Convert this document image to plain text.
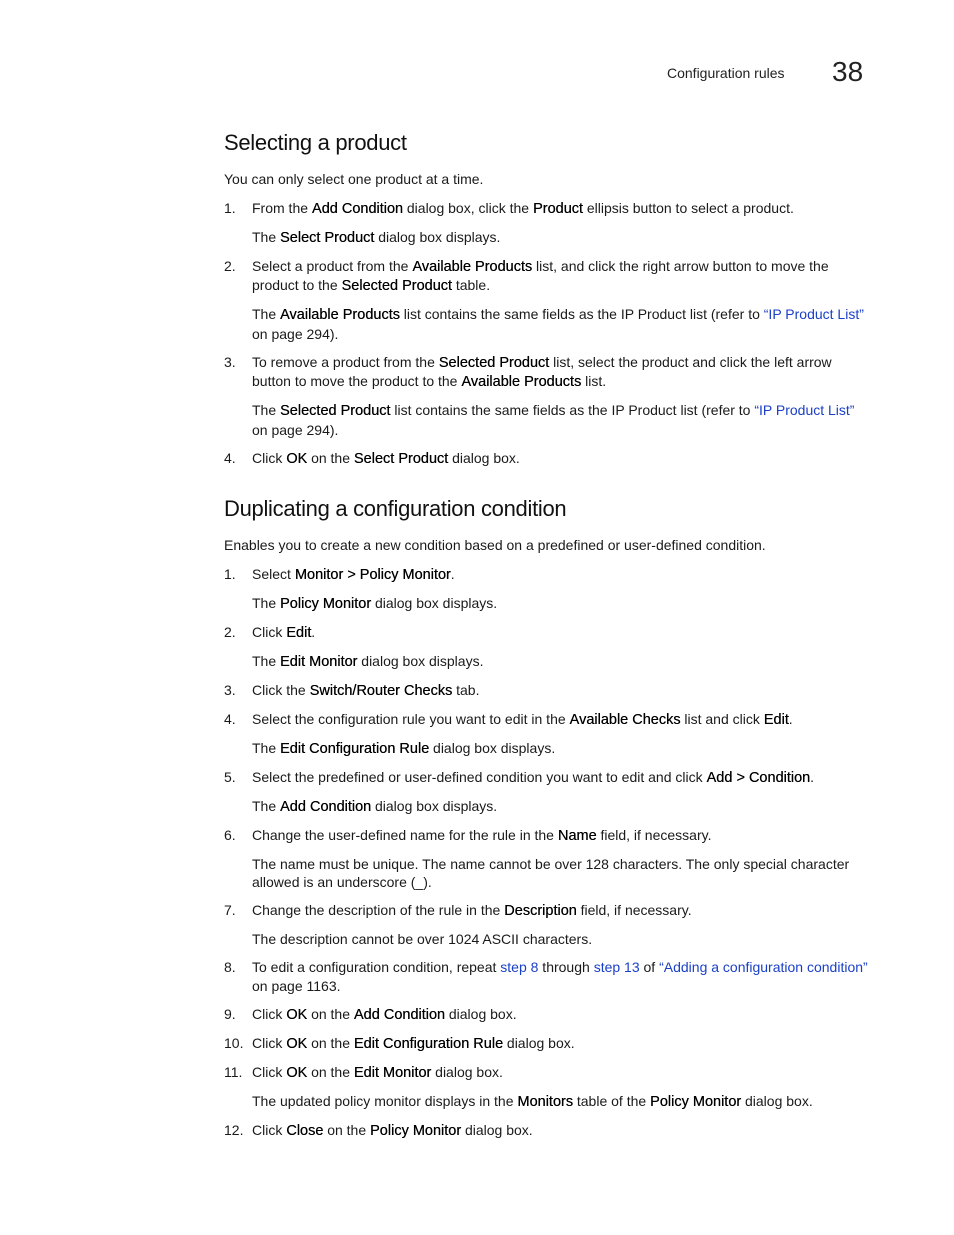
Configuration rules 38
Selecting a product
You can only select one product at a time.
1.	From the Add Condition dialog box, click the Product ellipsis button to select a product.
The Select Product dialog box displays.
2.	Select a product from the Available Products list, and click the right arrow button to move the product to the Selected Product table.
The Available Products list contains the same fields as the IP Product list (refer to “IP Product List” on page 294).
3.	To remove a product from the Selected Product list, select the product and click the left arrow button to move the product to the Available Products list.
The Selected Product list contains the same fields as the IP Product list (refer to “IP Product List” on page 294).
4.	Click OK on the Select Product dialog box.
Duplicating a configuration condition
Enables you to create a new condition based on a predefined or user-defined condition.
1.	Select Monitor > Policy Monitor.
The Policy Monitor dialog box displays.
2.	Click Edit.
The Edit Monitor dialog box displays.
3.	Click the Switch/Router Checks tab.
4.	Select the configuration rule you want to edit in the Available Checks list and click Edit.
The Edit Configuration Rule dialog box displays.
5.	Select the predefined or user-defined condition you want to edit and click Add > Condition.
The Add Condition dialog box displays.
6.	Change the user-defined name for the rule in the Name field, if necessary.
The name must be unique. The name cannot be over 128 characters. The only special character allowed is an underscore (_).
7.	Change the description of the rule in the Description field, if necessary.
The description cannot be over 1024 ASCII characters.
8.	To edit a configuration condition, repeat step 8 through step 13 of “Adding a configuration condition” on page 1163.
9.	Click OK on the Add Condition dialog box.
10. Click OK on the Edit Configuration Rule dialog box.
11. Click OK on the Edit Monitor dialog box.
The updated policy monitor displays in the Monitors table of the Policy Monitor dialog box.
12. Click Close on the Policy Monitor dialog box.
